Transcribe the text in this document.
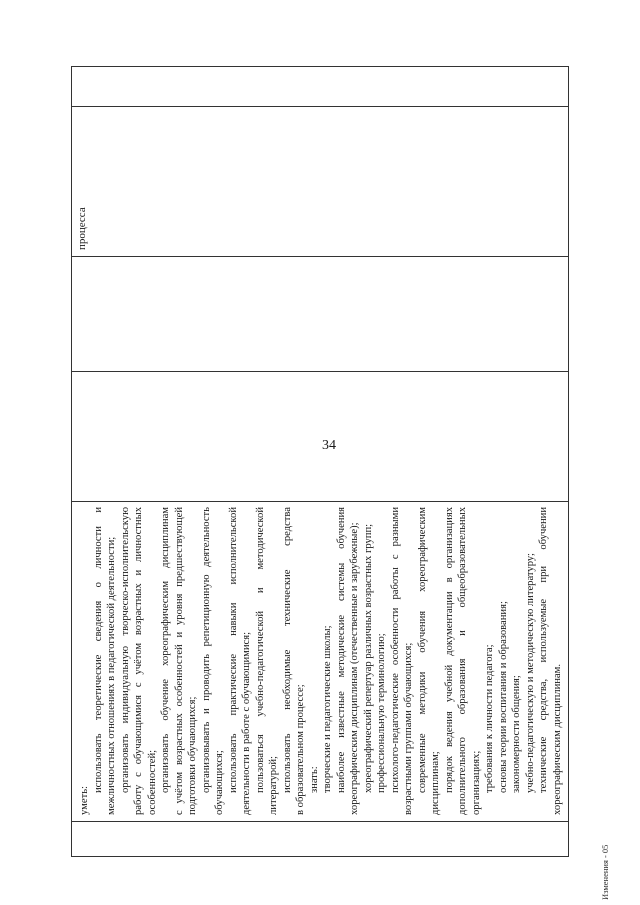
34
Изменения - 05

уметь:

использовать теоретические сведения о личности и межличностных отношениях в педагогической деятельности; организовать индивидуальную творческо-исполнительскую работу с обучающимися с учётом возрастных и личностных особенностей; организовать обучение хореографическим дисциплинам с учётом возрастных особенностей и уровня предшествующей подготовки обучающихся; организовывать и проводить репетиционную деятельность обучающихся; использовать практические навыки исполнительской деятельности в работе с обучающимися; пользоваться учебно-педагогической и методической литературой; использовать необходимые технические средства в образовательном процессе; знать: творческие и педагогические школы; наиболее известные методические системы обучения хореографическим дисциплинам (отечественные и зарубежные); хореографический репертуар различных возрастных групп; профессиональную терминологию; психолого-педагогические особенности работы с разными возрастными группами обучающихся; современные методики обучения хореографическим дисциплинам; порядок ведения учебной документации в организациях дополнительного образования и общеобразовательных организациях; требования к личности педагога; основы теории воспитания и образования; закономерности общения; учебно-педагогическую и методическую литературу; технические средства, используемые при обучении хореографическим дисциплинам.

			процесса	
